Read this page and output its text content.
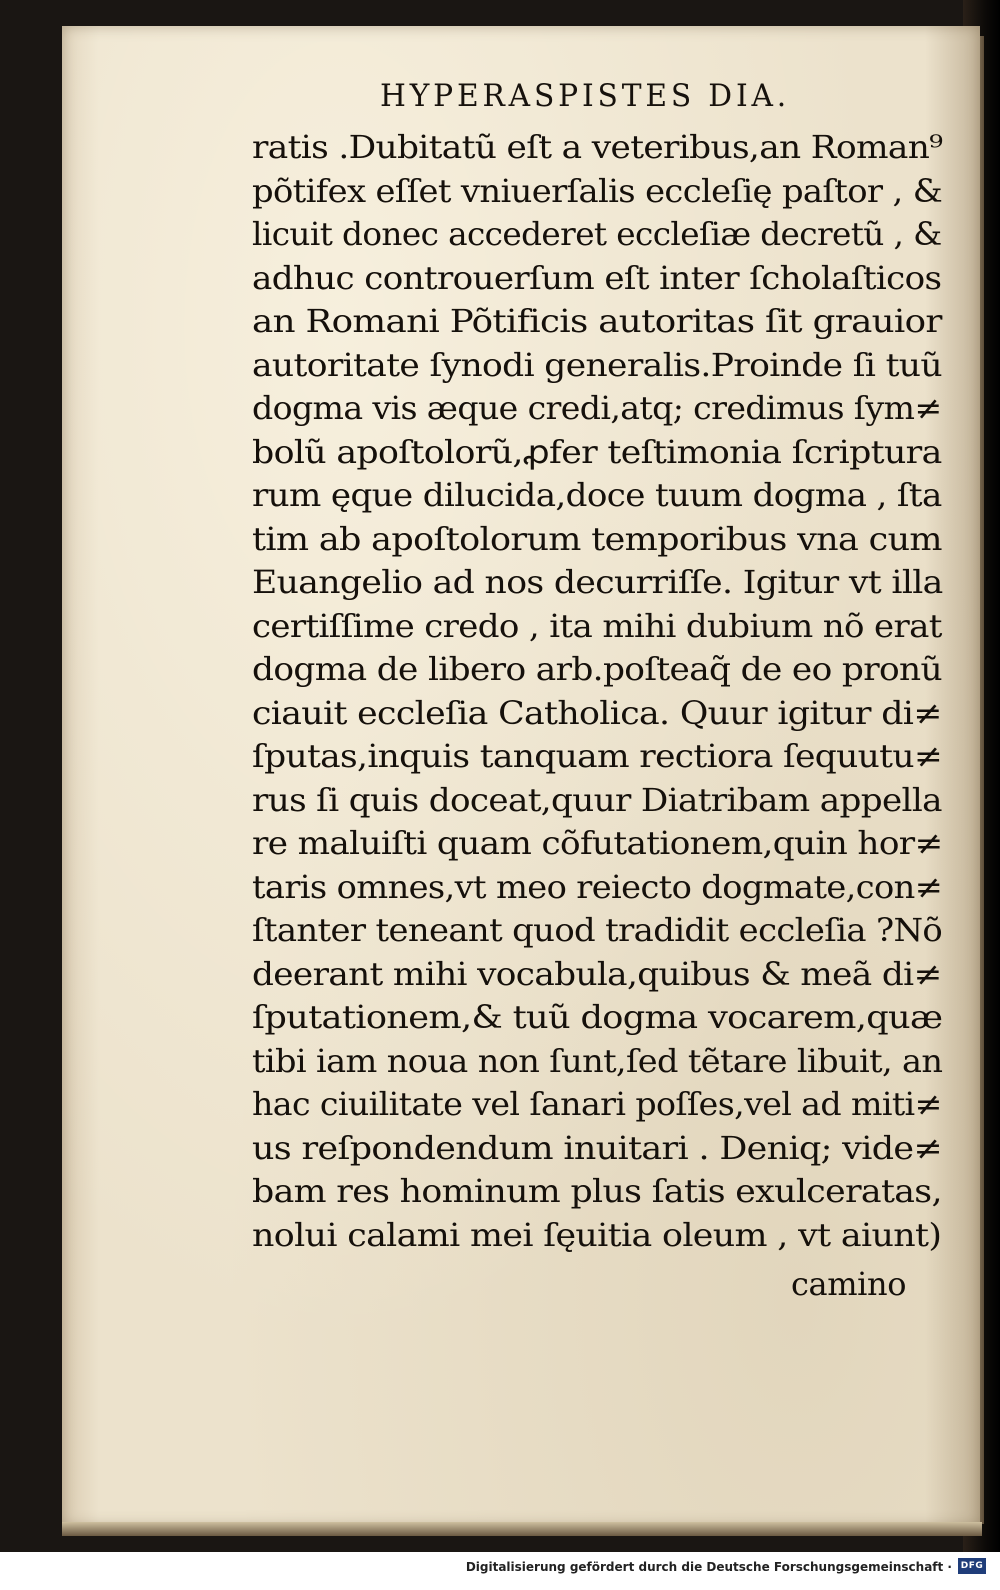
HYPERASPISTES DIA.
ratis .Dubitatũ eſt a veteribus,an Roman⁹
põtifex eſſet vniuerſalis eccleſię paſtor , &
licuit donec accederet eccleſiæ decretũ , &
adhuc controuerſum eſt inter ſcholaſticos
an Romani Põtificis autoritas ſit grauior
autoritate ſynodi generalis.Proinde ſi tuũ
dogma vis æque credi,atq; credimus ſym≠
bolũ apoſtolorũ,ꝓfer teſtimonia ſcriptura
rum ęque dilucida,doce tuum dogma , ſta
tim ab apoſtolorum temporibus vna cum
Euangelio ad nos decurriſſe. Igitur vt illa
certiſſime credo , ita mihi dubium nõ erat
dogma de libero arb.poſteaq̃ de eo pronũ
ciauit eccleſia Catholica. Quur igitur di≠
ſputas,inquis tanquam rectiora ſequutu≠
rus ſi quis doceat,quur Diatribam appella
re maluiſti quam cõfutationem,quin hor≠
taris omnes,vt meo reiecto dogmate,con≠
ſtanter teneant quod tradidit eccleſia ?Nõ
deerant mihi vocabula,quibus & meã di≠
ſputationem,& tuũ dogma vocarem,quæ
tibi iam noua non ſunt,ſed tẽtare libuit, an
hac ciuilitate vel ſanari poſſes,vel ad miti≠
us reſpondendum inuitari . Deniq; vide≠
bam res hominum plus ſatis exulceratas,
nolui calami mei ſęuitia oleum , vt aiunt)
camino
Digitalisierung gefördert durch die Deutsche Forschungsgemeinschaft · DFG
